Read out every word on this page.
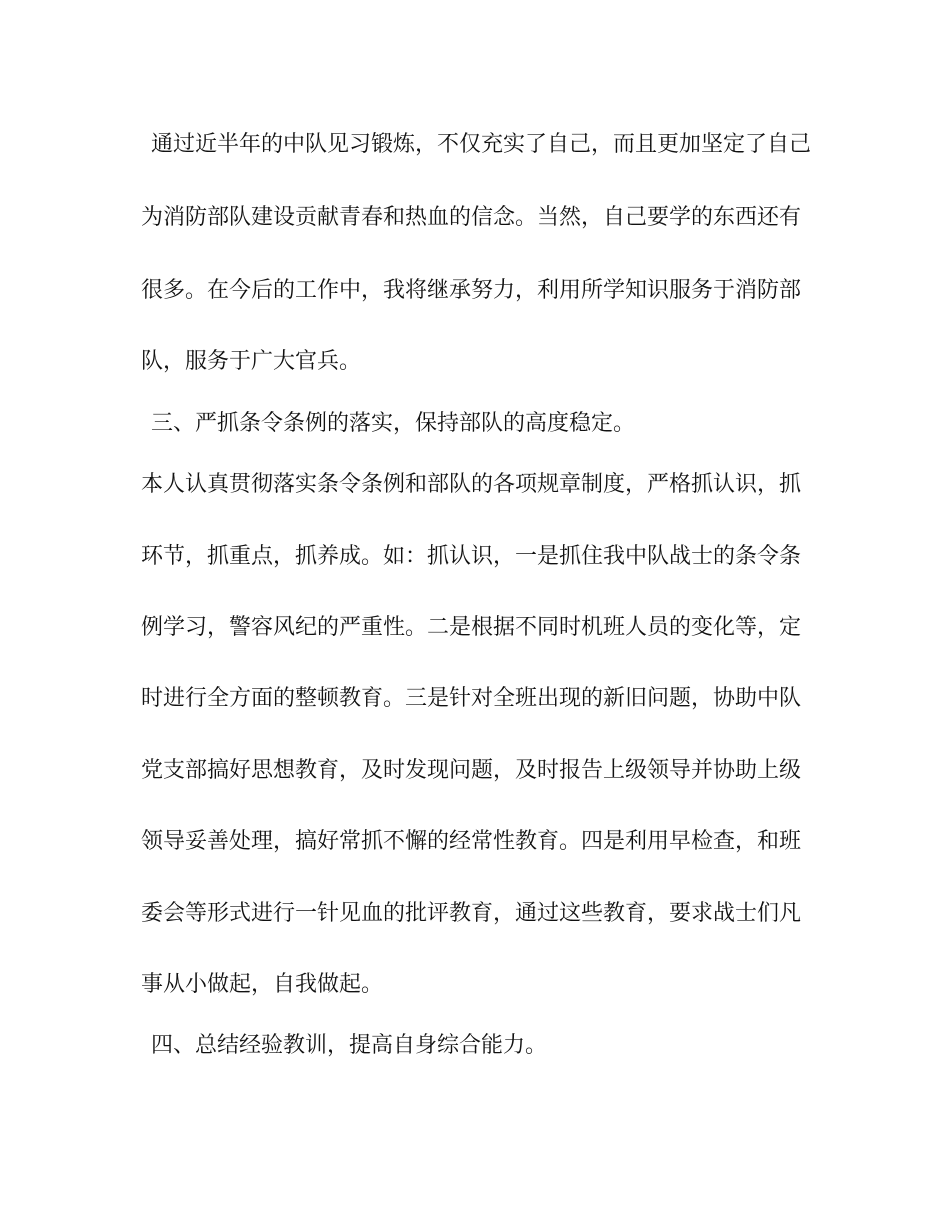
通过近半年的中队见习锻炼，不仅充实了自己，而且更加坚定了自己
为消防部队建设贡献青春和热血的信念。当然，自己要学的东西还有
很多。在今后的工作中，我将继承努力，利用所学知识服务于消防部
队，服务于广大官兵。
三、严抓条令条例的落实，保持部队的高度稳定。
本人认真贯彻落实条令条例和部队的各项规章制度，严格抓认识，抓
环节，抓重点，抓养成。如：抓认识，一是抓住我中队战士的条令条
例学习，警容风纪的严重性。二是根据不同时机班人员的变化等，定
时进行全方面的整顿教育。三是针对全班出现的新旧问题，协助中队
党支部搞好思想教育，及时发现问题，及时报告上级领导并协助上级
领导妥善处理，搞好常抓不懈的经常性教育。四是利用早检查，和班
委会等形式进行一针见血的批评教育，通过这些教育，要求战士们凡
事从小做起，自我做起。
四、总结经验教训，提高自身综合能力。
